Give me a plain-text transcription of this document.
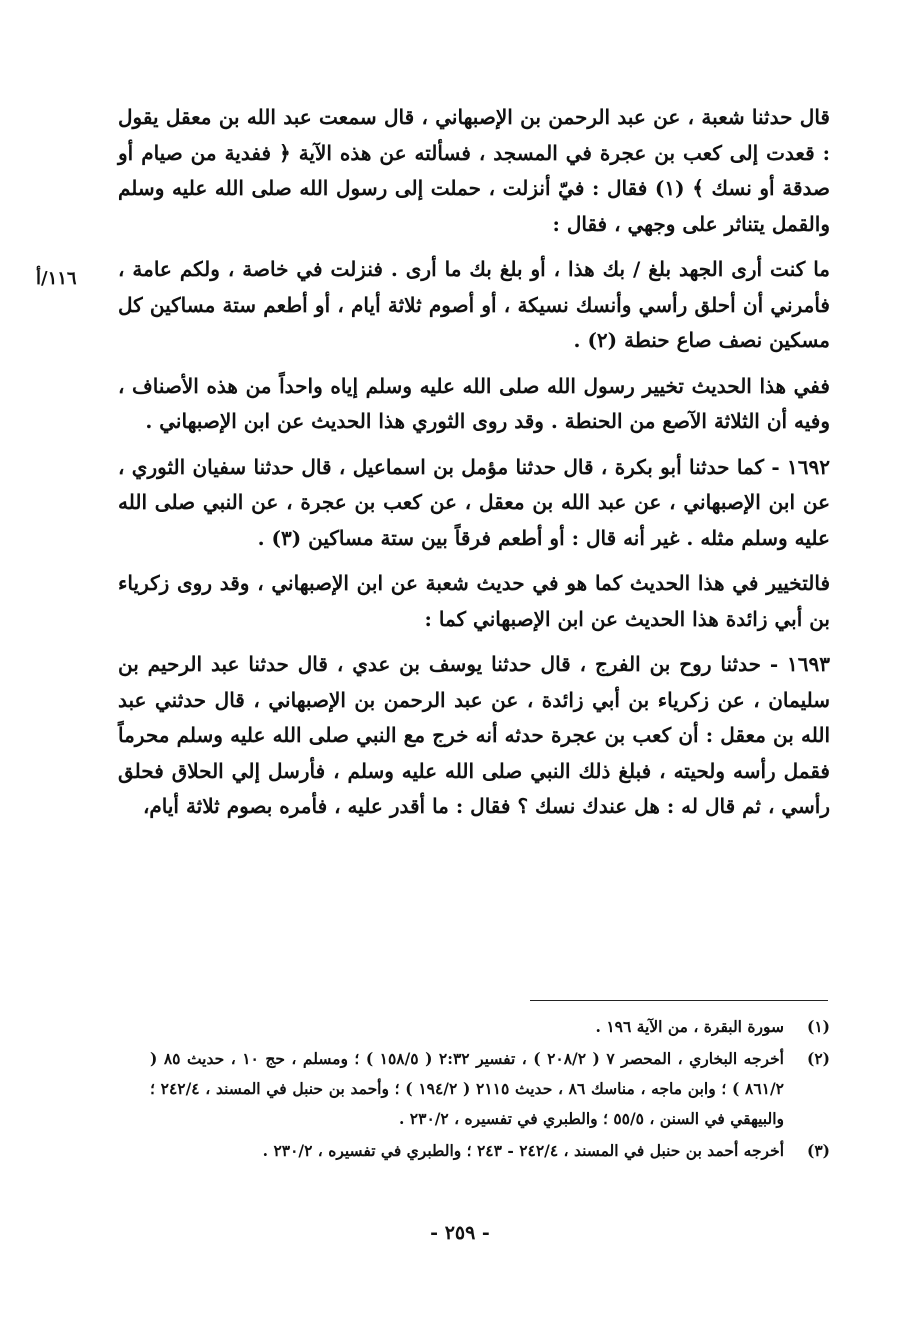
قال حدثنا شعبة ، عن عبد الرحمن بن الإصبهاني ، قال سمعت عبد الله بن معقل يقول : قعدت إلى كعب بن عجرة في المسجد ، فسألته عن هذه الآية ﴿ ففدية من صيام أو صدقة أو نسك ﴾ (١) فقال : فيّ أنزلت ، حملت إلى رسول الله صلى الله عليه وسلم والقمل يتناثر على وجهي ، فقال :

ما كنت أرى الجهد بلغ / بك هذا ، أو بلغ بك ما أرى . فنزلت في خاصة ، ولكم عامة ، فأمرني أن أحلق رأسي وأنسك نسيكة ، أو أصوم ثلاثة أيام ، أو أطعم ستة مساكين كل مسكين نصف صاع حنطة (٢) .

ففي هذا الحديث تخيير رسول الله صلى الله عليه وسلم إياه واحداً من هذه الأصناف ، وفيه أن الثلاثة الآصع من الحنطة . وقد روى الثوري هذا الحديث عن ابن الإصبهاني .

١٦٩٢ - كما حدثنا أبو بكرة ، قال حدثنا مؤمل بن اسماعيل ، قال حدثنا سفيان الثوري ، عن ابن الإصبهاني ، عن عبد الله بن معقل ، عن كعب بن عجرة ، عن النبي صلى الله عليه وسلم مثله . غير أنه قال : أو أطعم فرقاً بين ستة مساكين (٣) .

فالتخيير في هذا الحديث كما هو في حديث شعبة عن ابن الإصبهاني ، وقد روى زكرياء بن أبي زائدة هذا الحديث عن ابن الإصبهاني كما :

١٦٩٣ - حدثنا روح بن الفرج ، قال حدثنا يوسف بن عدي ، قال حدثنا عبد الرحيم بن سليمان ، عن زكرياء بن أبي زائدة ، عن عبد الرحمن بن الإصبهاني ، قال حدثني عبد الله بن معقل : أن كعب بن عجرة حدثه أنه خرج مع النبي صلى الله عليه وسلم محرماً فقمل رأسه ولحيته ، فبلغ ذلك النبي صلى الله عليه وسلم ، فأرسل إلي الحلاق فحلق رأسي ، ثم قال له : هل عندك نسك ؟ فقال : ما أقدر عليه ، فأمره بصوم ثلاثة أيام،

١١٦/أ
(١)
سورة البقرة ، من الآية ١٩٦ .
(٢)
أخرجه البخاري ، المحصر ٧ ( ٢٠٨/٢ ) ، تفسير ٢:٣٢ ( ١٥٨/٥ ) ؛ ومسلم ، حج ١٠ ، حديث ٨٥ ( ٨٦١/٢ ) ؛ وابن ماجه ، مناسك ٨٦ ، حديث ٢١١٥ ( ١٩٤/٢ ) ؛ وأحمد بن حنبل في المسند ، ٢٤٢/٤ ؛ والبيهقي في السنن ، ٥٥/٥ ؛ والطبري في تفسيره ، ٢٣٠/٢ .
(٣)
أخرجه أحمد بن حنبل في المسند ، ٢٤٢/٤ - ٢٤٣ ؛ والطبري في تفسيره ، ٢٣٠/٢ .
- ٢٥٩ -
